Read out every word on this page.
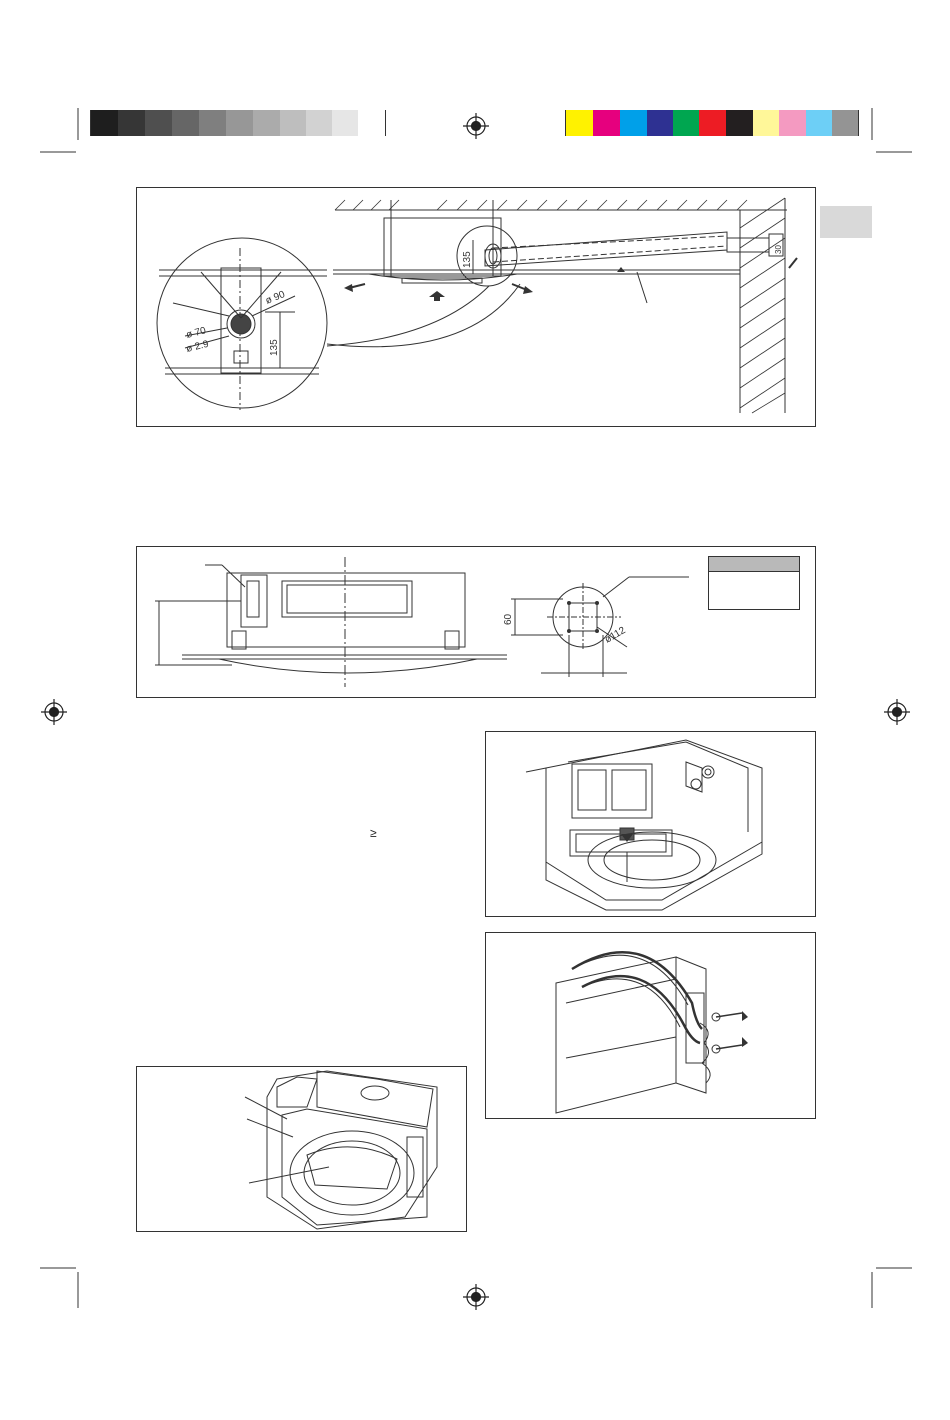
135
30
ø 90
ø 70
ø 2.9	135
60
ø112
≥
